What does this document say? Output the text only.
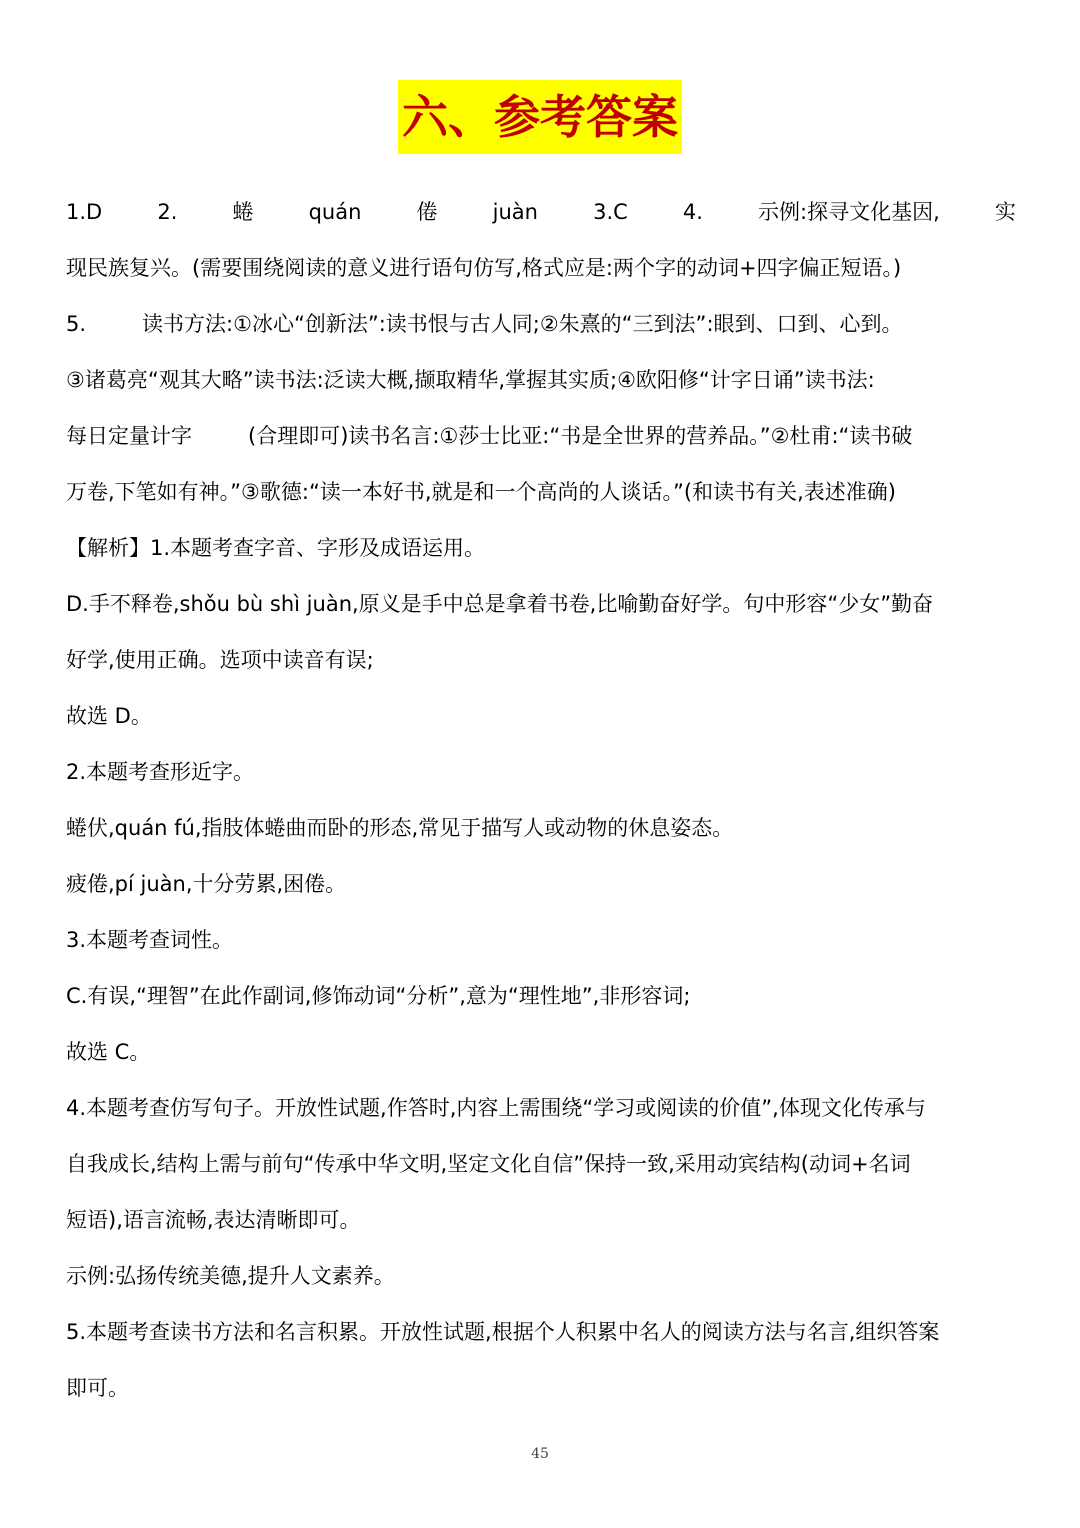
六、参考答案
1.D	2.	蜷	quán	倦	juàn	3.C	4.	示例:探寻文化基因,	实

现民族复兴。(需要围绕阅读的意义进行语句仿写,格式应是:两个字的动词+四字偏正短语。)

5.	读书方法:①冰心“创新法”:读书恨与古人同;②朱熹的“三到法”:眼到、口到、心到。

③诸葛亮“观其大略”读书法:泛读大概,撷取精华,掌握其实质;④欧阳修“计字日诵”读书法:

每日定量计字	(合理即可)读书名言:①莎士比亚:“书是全世界的营养品。”②杜甫:“读书破

万卷,下笔如有神。”③歌德:“读一本好书,就是和一个高尚的人谈话。”(和读书有关,表述准确)

【解析】1.本题考查字音、字形及成语运用。

D.手不释卷,shǒu bù shì juàn,原义是手中总是拿着书卷,比喻勤奋好学。句中形容“少女”勤奋

好学,使用正确。选项中读音有误;

故选 D。

2.本题考查形近字。

蜷伏,quán fú,指肢体蜷曲而卧的形态,常见于描写人或动物的休息姿态。

疲倦,pí juàn,十分劳累,困倦。

3.本题考查词性。

C.有误,“理智”在此作副词,修饰动词“分析”,意为“理性地”,非形容词;

故选 C。

4.本题考查仿写句子。开放性试题,作答时,内容上需围绕“学习或阅读的价值”,体现文化传承与

自我成长,结构上需与前句“传承中华文明,坚定文化自信”保持一致,采用动宾结构(动词+名词

短语),语言流畅,表达清晰即可。

示例:弘扬传统美德,提升人文素养。

5.本题考查读书方法和名言积累。开放性试题,根据个人积累中名人的阅读方法与名言,组织答案

即可。

45
